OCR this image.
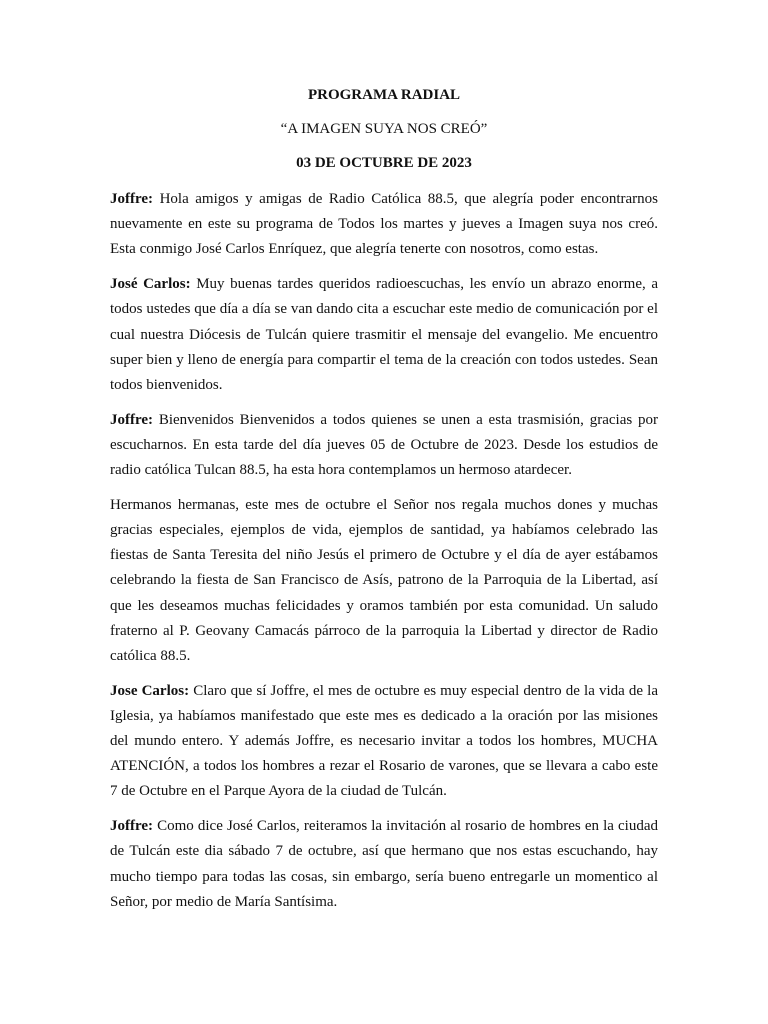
PROGRAMA RADIAL
“A IMAGEN SUYA NOS CREÓ”
03 DE OCTUBRE DE 2023

Joffre: Hola amigos y amigas de Radio Católica 88.5, que alegría poder encontrarnos nuevamente en este su programa de Todos los martes y jueves a Imagen suya nos creó. Esta conmigo José Carlos Enríquez, que alegría tenerte con nosotros, como estas.

José Carlos: Muy buenas tardes queridos radioescuchas, les envío un abrazo enorme, a todos ustedes que día a día se van dando cita a escuchar este medio de comunicación por el cual nuestra Diócesis de Tulcán quiere trasmitir el mensaje del evangelio. Me encuentro super bien y lleno de energía para compartir el tema de la creación con todos ustedes. Sean todos bienvenidos.

Joffre: Bienvenidos Bienvenidos a todos quienes se unen a esta trasmisión, gracias por escucharnos. En esta tarde del día jueves 05 de Octubre de 2023. Desde los estudios de radio católica Tulcan 88.5, ha esta hora contemplamos un hermoso atardecer.

Hermanos hermanas, este mes de octubre el Señor nos regala muchos dones y muchas gracias especiales, ejemplos de vida, ejemplos de santidad, ya habíamos celebrado las fiestas de Santa Teresita del niño Jesús el primero de Octubre y el día de ayer estábamos celebrando la fiesta de San Francisco de Asís, patrono de la Parroquia de la Libertad, así que les deseamos muchas felicidades y oramos también por esta comunidad. Un saludo fraterno al P. Geovany Camacás párroco de la parroquia la Libertad y director de Radio católica 88.5.

Jose Carlos: Claro que sí Joffre, el mes de octubre es muy especial dentro de la vida de la Iglesia, ya habíamos manifestado que este mes es dedicado a la oración por las misiones del mundo entero. Y además Joffre, es necesario invitar a todos los hombres, MUCHA ATENCIÓN, a todos los hombres a rezar el Rosario de varones, que se llevara a cabo este 7 de Octubre en el Parque Ayora de la ciudad de Tulcán.

Joffre: Como dice José Carlos, reiteramos la invitación al rosario de hombres en la ciudad de Tulcán este dia sábado 7 de octubre, así que hermano que nos estas escuchando, hay mucho tiempo para todas las cosas, sin embargo, sería bueno entregarle un momentico al Señor, por medio de María Santísima.
